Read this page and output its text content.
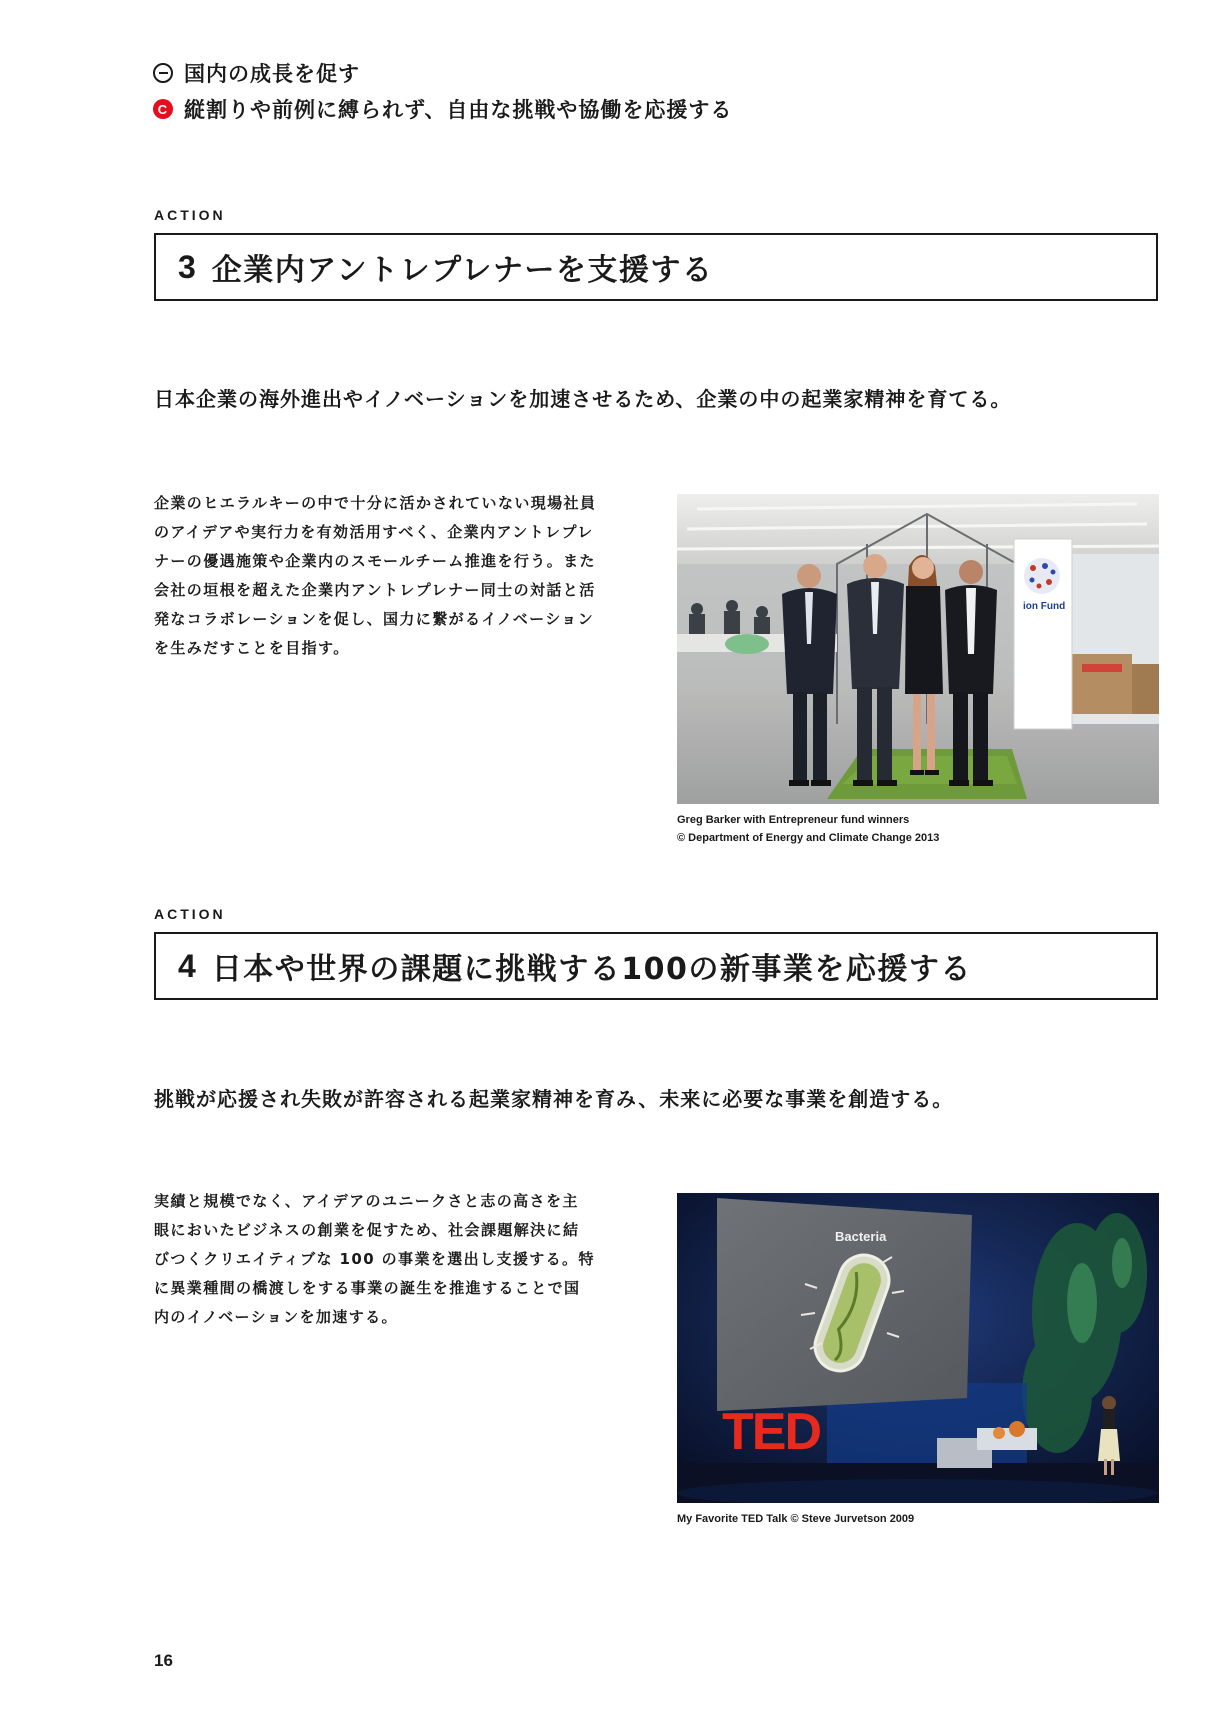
国内の成長を促す
C 縦割りや前例に縛られず、自由な挑戦や協働を応援する
ACTION
3 企業内アントレプレナーを支援する
日本企業の海外進出やイノベーションを加速させるため、企業の中の起業家精神を育てる。
企業のヒエラルキーの中で十分に活かされていない現場社員
のアイデアや実行力を有効活用すべく、企業内アントレプレ
ナーの優遇施策や企業内のスモールチーム推進を行う。また
会社の垣根を超えた企業内アントレプレナー同士の対話と活
発なコラボレーションを促し、国力に繋がるイノベーション
を生みだすことを目指す。
ion Fund
Greg Barker with Entrepreneur fund winners
© Department of Energy and Climate Change 2013
ACTION
4 日本や世界の課題に挑戦する100の新事業を応援する
挑戦が応援され失敗が許容される起業家精神を育み、未来に必要な事業を創造する。
実績と規模でなく、アイデアのユニークさと志の高さを主
眼においたビジネスの創業を促すため、社会課題解決に結
びつくクリエイティブな 100 の事業を選出し支援する。特
に異業種間の橋渡しをする事業の誕生を推進することで国
内のイノベーションを加速する。
Bacteria
TED
My Favorite TED Talk © Steve Jurvetson 2009
16
